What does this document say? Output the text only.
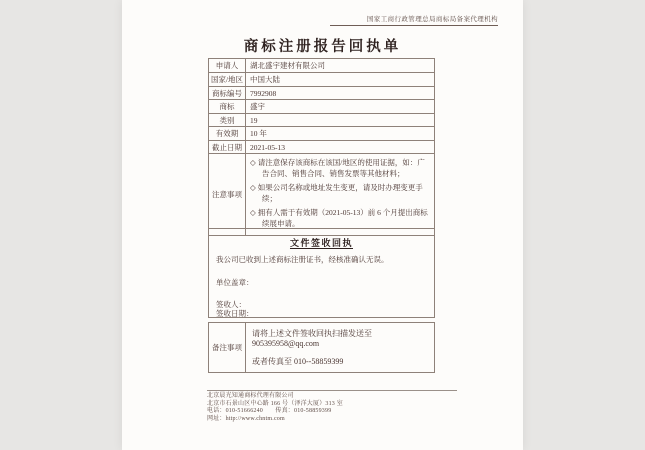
国家工商行政管理总局商标局备案代理机构
商标注册报告回执单
申请人	湖北盛宇建材有限公司
国家/地区	中国大陆
商标编号	7992908
商标	盛宇
类别	19
有效期	10 年
截止日期	2021-05-13
注意事项	◇ 请注意保存该商标在该国/地区的使用证据，如：广告合同、销售合同、销售发票等其他材料；
◇ 如果公司名称或地址发生变更，请及时办理变更手续；
◇ 拥有人需于有效期（2021-05-13）前 6 个月提出商标续展申请。
文件签收回执
我公司已收到上述商标注册证书，经核准确认无误。
单位盖章：
签收人：
签收日期：
备注事项	
请将上述文件签收回执扫描发送至 905395958@qq.com
或者传真至 010--58859399
北京晨光知通商标代理有限公司
北京市石景山区中心路 166 号（泽洋大厦）313 室
电话：010-51666240　　传真：010-58859399
网址：http://www.chntm.com
